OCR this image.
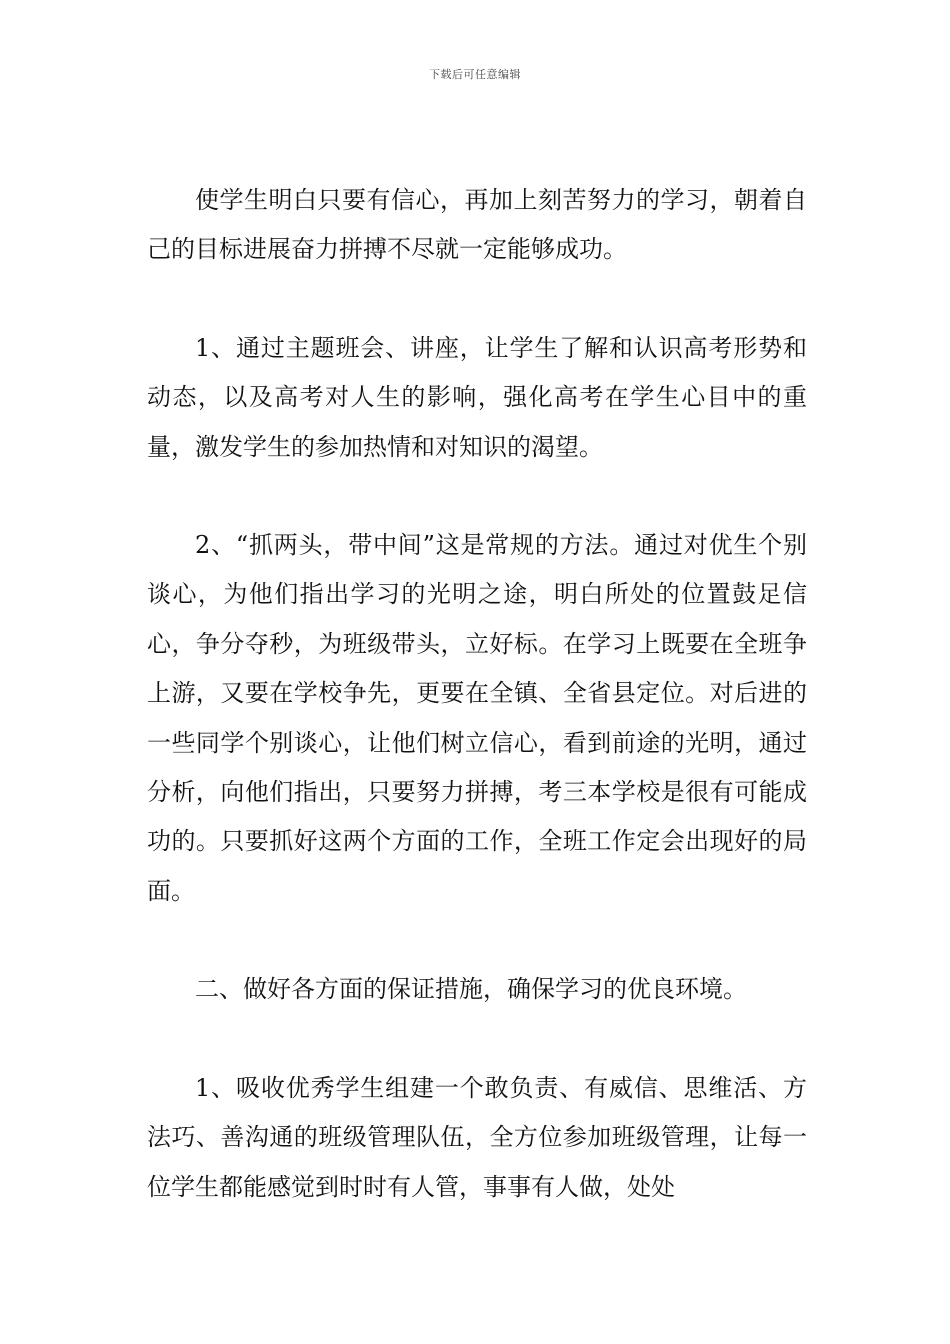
下载后可任意编辑

使学生明白只要有信心，再加上刻苦努力的学习，朝着自己的目标进展奋力拼搏不尽就一定能够成功。

1、通过主题班会、讲座，让学生了解和认识高考形势和动态，以及高考对人生的影响，强化高考在学生心目中的重量，激发学生的参加热情和对知识的渴望。

2、“抓两头，带中间”这是常规的方法。通过对优生个别谈心，为他们指出学习的光明之途，明白所处的位置鼓足信心，争分夺秒，为班级带头，立好标。在学习上既要在全班争上游，又要在学校争先，更要在全镇、全省县定位。对后进的一些同学个别谈心，让他们树立信心，看到前途的光明，通过分析，向他们指出，只要努力拼搏，考三本学校是很有可能成功的。只要抓好这两个方面的工作，全班工作定会出现好的局面。

二、做好各方面的保证措施，确保学习的优良环境。

1、吸收优秀学生组建一个敢负责、有威信、思维活、方法巧、善沟通的班级管理队伍，全方位参加班级管理，让每一位学生都能感觉到时时有人管，事事有人做，处处
